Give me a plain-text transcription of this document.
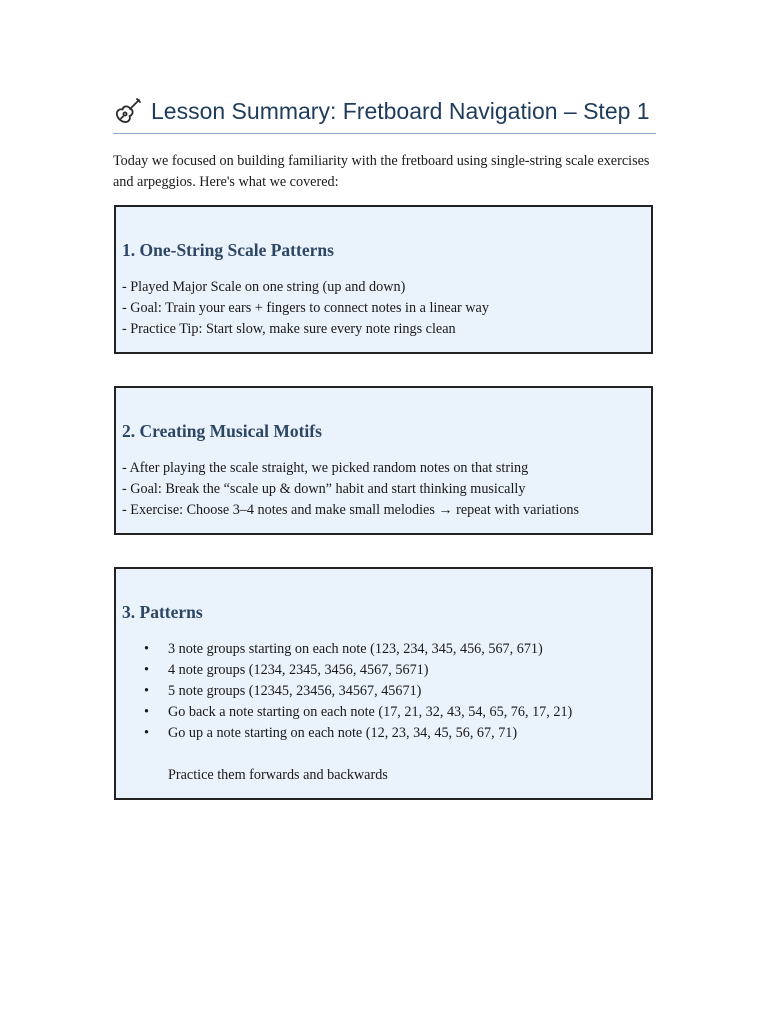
Lesson Summary: Fretboard Navigation – Step 1

Today we focused on building familiarity with the fretboard using single-string scale exercises and arpeggios. Here's what we covered:

1. One-String Scale Patterns
- Played Major Scale on one string (up and down)
- Goal: Train your ears + fingers to connect notes in a linear way
- Practice Tip: Start slow, make sure every note rings clean
2. Creating Musical Motifs
- After playing the scale straight, we picked random notes on that string
- Goal: Break the “scale up & down” habit and start thinking musically
- Exercise: Choose 3–4 notes and make small melodies → repeat with variations
3. Patterns
• 3 note groups starting on each note (123, 234, 345, 456, 567, 671)
• 4 note groups (1234, 2345, 3456, 4567, 5671)
• 5 note groups (12345, 23456, 34567, 45671)
• Go back a note starting on each note (17, 21, 32, 43, 54, 65, 76, 17, 21)
• Go up a note starting on each note (12, 23, 34, 45, 56, 67, 71)

Practice them forwards and backwards
